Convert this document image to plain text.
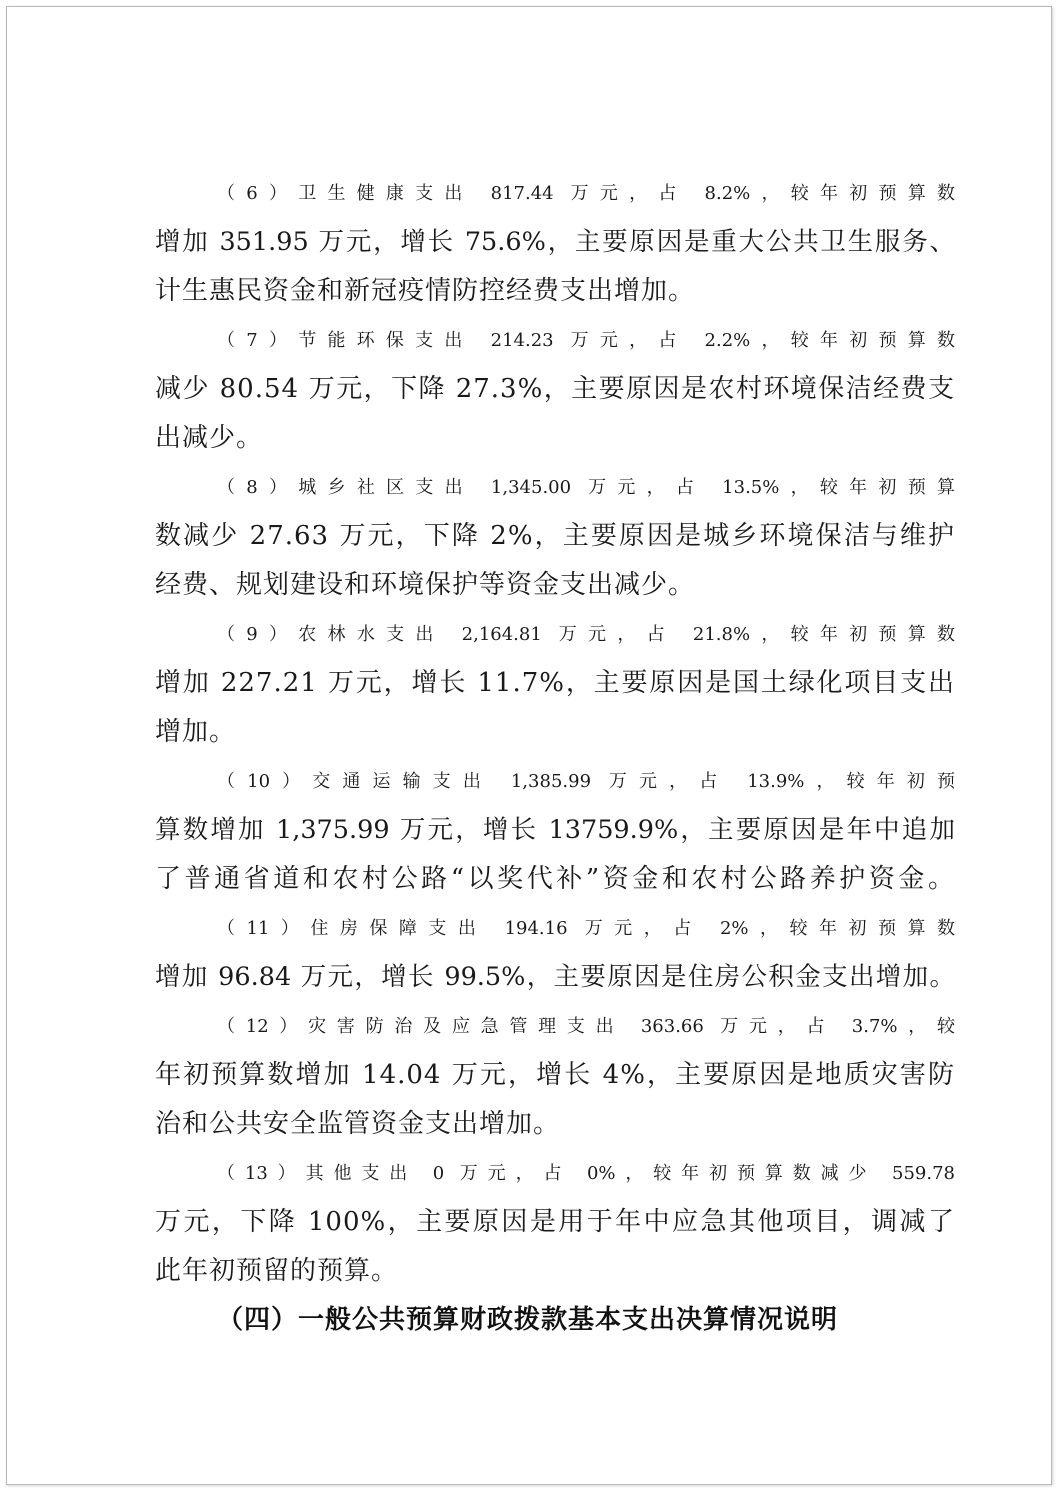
（6）卫生健康支出 817.44 万元，占 8.2%，较年初预算数
增加 351.95 万元，增长 75.6%，主要原因是重大公共卫生服务、
计生惠民资金和新冠疫情防控经费支出增加。

（7）节能环保支出 214.23 万元，占 2.2%，较年初预算数
减少 80.54 万元，下降 27.3%，主要原因是农村环境保洁经费支
出减少。

（8）城乡社区支出 1,345.00 万元，占 13.5%，较年初预算
数减少 27.63 万元，下降 2%，主要原因是城乡环境保洁与维护
经费、规划建设和环境保护等资金支出减少。

（9）农林水支出 2,164.81 万元，占 21.8%，较年初预算数
增加 227.21 万元，增长 11.7%，主要原因是国土绿化项目支出
增加。

（10）交通运输支出 1,385.99 万元，占 13.9%，较年初预
算数增加 1,375.99 万元，增长 13759.9%，主要原因是年中追加
了普通省道和农村公路“以奖代补”资金和农村公路养护资金。

（11）住房保障支出 194.16 万元，占 2%，较年初预算数
增加 96.84 万元，增长 99.5%，主要原因是住房公积金支出增加。

（12）灾害防治及应急管理支出 363.66 万元，占 3.7%，较
年初预算数增加 14.04 万元，增长 4%，主要原因是地质灾害防
治和公共安全监管资金支出增加。

（13）其他支出 0 万元，占 0%，较年初预算数减少 559.78
万元，下降 100%，主要原因是用于年中应急其他项目，调减了
此年初预留的预算。

（四）一般公共预算财政拨款基本支出决算情况说明
